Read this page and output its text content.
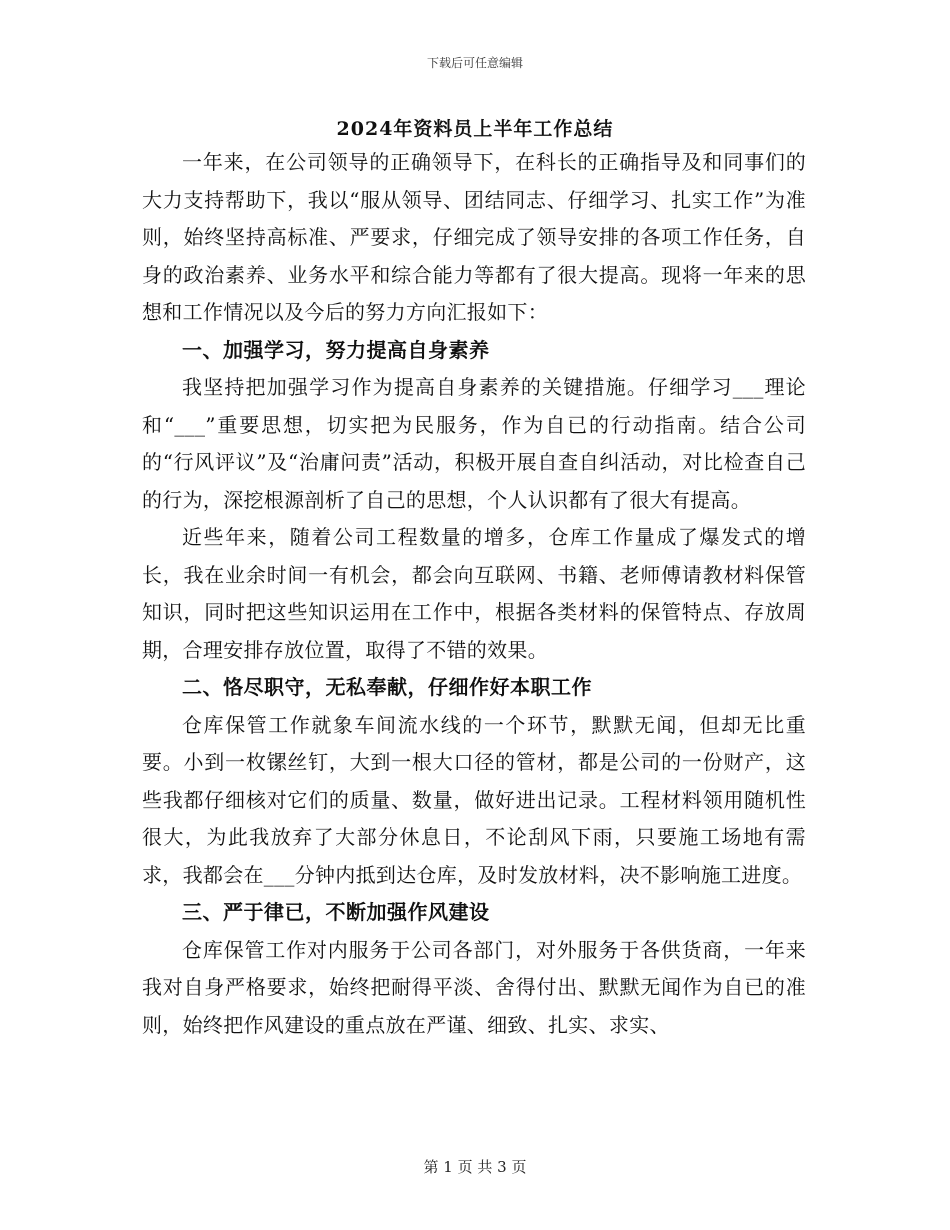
下载后可任意编辑
2024年资料员上半年工作总结

一年来，在公司领导的正确领导下，在科长的正确指导及和同事们的大力支持帮助下，我以“服从领导、团结同志、仔细学习、扎实工作”为准则，始终坚持高标准、严要求，仔细完成了领导安排的各项工作任务，自身的政治素养、业务水平和综合能力等都有了很大提高。现将一年来的思想和工作情况以及今后的努力方向汇报如下：

一、加强学习，努力提高自身素养

我坚持把加强学习作为提高自身素养的关键措施。仔细学习___理论和“___”重要思想，切实把为民服务，作为自已的行动指南。结合公司的“行风评议”及“治庸问责”活动，积极开展自查自纠活动，对比检查自己的行为，深挖根源剖析了自己的思想，个人认识都有了很大有提高。

近些年来，随着公司工程数量的增多，仓库工作量成了爆发式的增长，我在业余时间一有机会，都会向互联网、书籍、老师傅请教材料保管知识，同时把这些知识运用在工作中，根据各类材料的保管特点、存放周期，合理安排存放位置，取得了不错的效果。

二、恪尽职守，无私奉献，仔细作好本职工作

仓库保管工作就象车间流水线的一个环节，默默无闻，但却无比重要。小到一枚镙丝钉，大到一根大口径的管材，都是公司的一份财产，这些我都仔细核对它们的质量、数量，做好进出记录。工程材料领用随机性很大，为此我放弃了大部分休息日，不论刮风下雨，只要施工场地有需求，我都会在___分钟内抵到达仓库，及时发放材料，决不影响施工进度。

三、严于律已，不断加强作风建设

仓库保管工作对内服务于公司各部门，对外服务于各供货商，一年来我对自身严格要求，始终把耐得平淡、舍得付出、默默无闻作为自已的准则，始终把作风建设的重点放在严谨、细致、扎实、求实、

第 1 页 共 3 页
